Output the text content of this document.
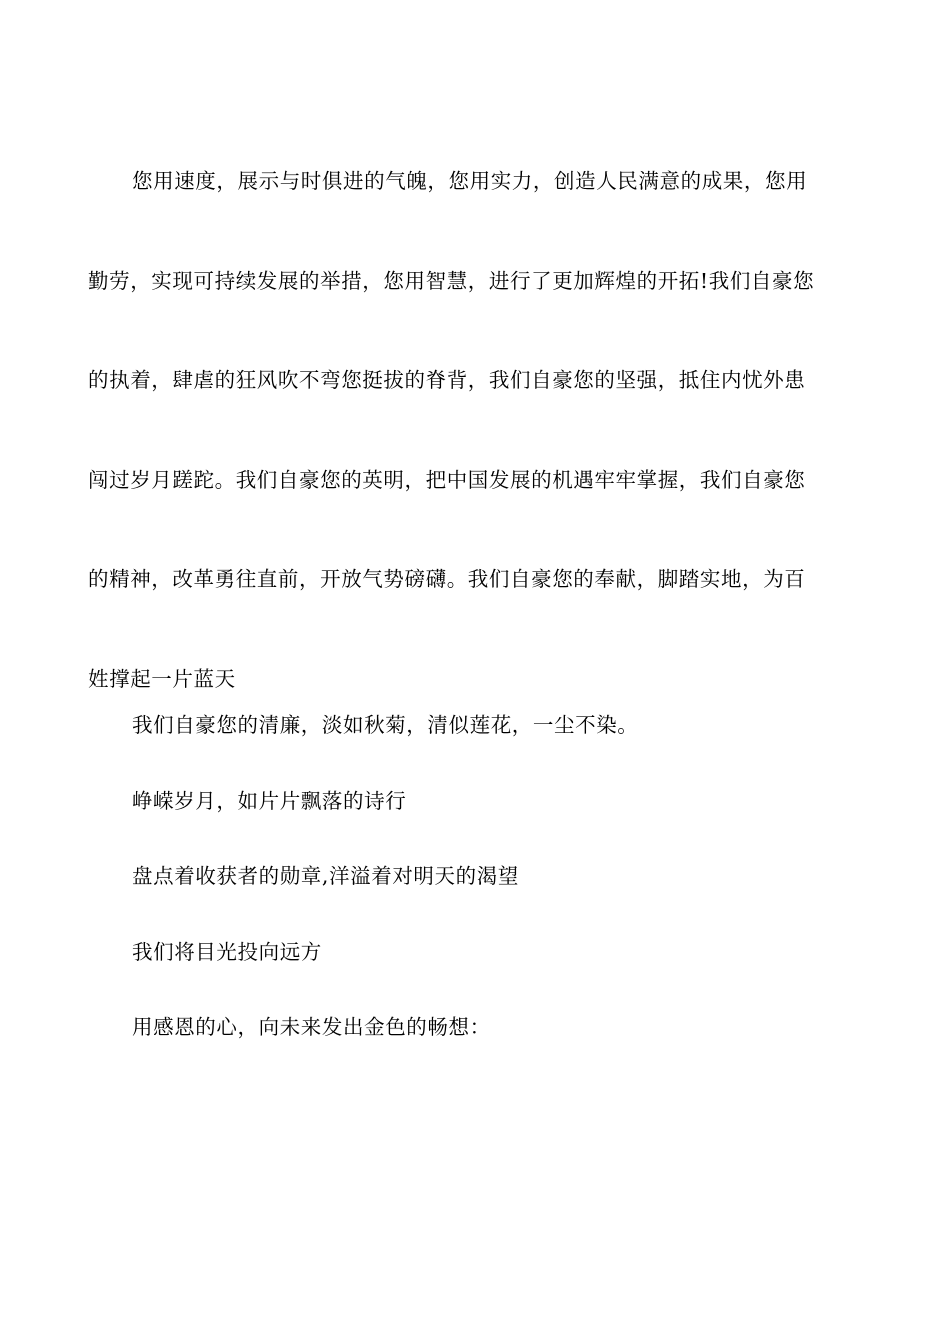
您用速度，展示与时俱进的气魄，您用实力，创造人民满意的成果，您用
勤劳，实现可持续发展的举措，您用智慧，进行了更加辉煌的开拓!我们自豪您
的执着，肆虐的狂风吹不弯您挺拔的脊背，我们自豪您的坚强，抵住内忧外患
闯过岁月蹉跎。我们自豪您的英明，把中国发展的机遇牢牢掌握，我们自豪您
的精神，改革勇往直前，开放气势磅礴。我们自豪您的奉献，脚踏实地，为百
姓撑起一片蓝天

我们自豪您的清廉，淡如秋菊，清似莲花，一尘不染。

峥嵘岁月，如片片飘落的诗行

盘点着收获者的勋章,洋溢着对明天的渴望

我们将目光投向远方

用感恩的心，向未来发出金色的畅想：
